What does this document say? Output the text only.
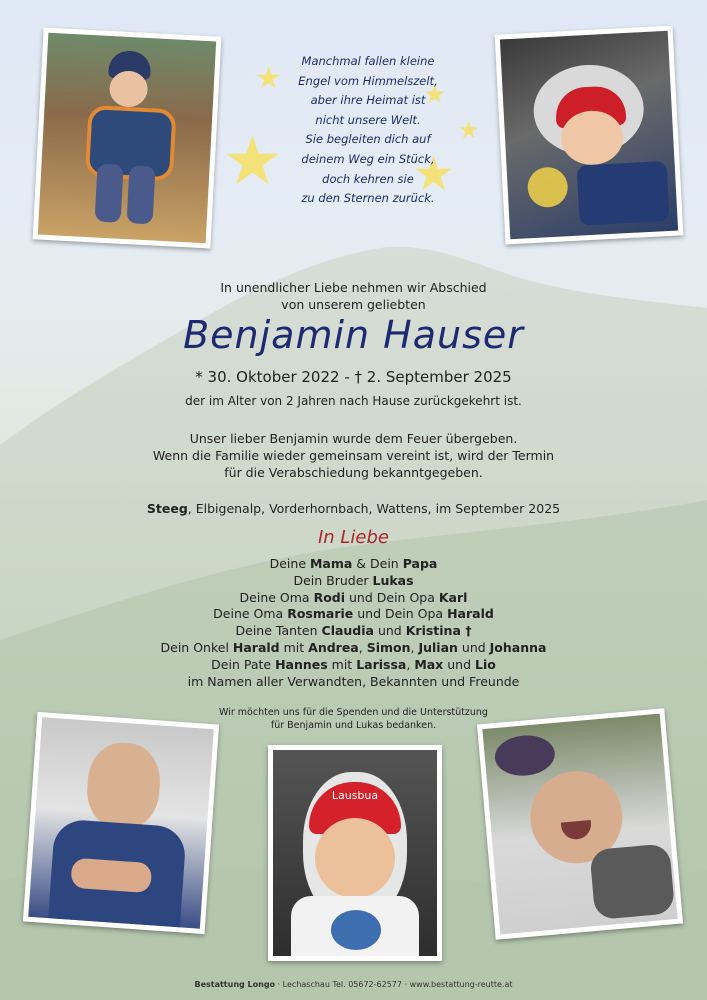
★	★
★
★	★
Manchmal fallen kleine
Engel vom Himmelszelt,
aber ihre Heimat ist
nicht unsere Welt.
Sie begleiten dich auf
deinem Weg ein Stück,
doch kehren sie
zu den Sternen zurück.
In unendlicher Liebe nehmen wir Abschied
von unserem geliebten
Benjamin Hauser
* 30. Oktober 2022 - † 2. September 2025
der im Alter von 2 Jahren nach Hause zurückgekehrt ist.
Unser lieber Benjamin wurde dem Feuer übergeben.
Wenn die Familie wieder gemeinsam vereint ist, wird der Termin
für die Verabschiedung bekanntgegeben.
Steeg, Elbigenalp, Vorderhornbach, Wattens, im September 2025
In Liebe
Deine Mama & Dein Papa
Dein Bruder Lukas
Deine Oma Rodi und Dein Opa Karl
Deine Oma Rosmarie und Dein Opa Harald
Deine Tanten Claudia und Kristina †
Dein Onkel Harald mit Andrea, Simon, Julian und Johanna
Dein Pate Hannes mit Larissa, Max und Lio
im Namen aller Verwandten, Bekannten und Freunde
Wir möchten uns für die Spenden und die Unterstützung
für Benjamin und Lukas bedanken.
Lausbua
Bestattung Longo · Lechaschau Tel. 05672-62577 · www.bestattung-reutte.at
